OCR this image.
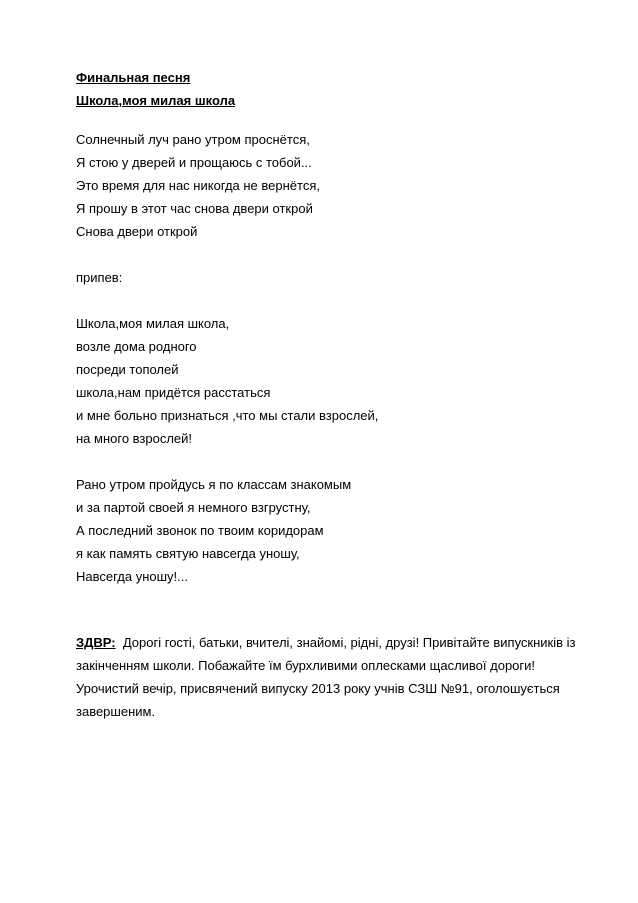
Финальная песня
Школа,моя милая школа
Солнечный луч рано утром проснётся,
Я стою у дверей и прощаюсь с тобой...
Это время для нас никогда не вернётся,
Я прошу в этот час снова двери открой
Снова двери открой
припев:
Школа,моя милая школа,
возле дома родного
посреди тополей
школа,нам придётся расстаться
и мне больно признаться ,что мы стали взрослей,
на много взрослей!
Рано утром пройдусь я по классам знакомым
и за партой своей я немного взгрустну,
А последний звонок по твоим коридорам
я как память святую навсегда уношу,
Навсегда уношу!...
ЗДВР: Дорогі гості, батьки, вчителі, знайомі, рідні, друзі! Привітайте випускників із закінченням школи. Побажайте їм бурхливими оплесками щасливої дороги! Урочистий вечір, присвячений випуску 2013 року учнів СЗШ №91, оголошується завершеним.
